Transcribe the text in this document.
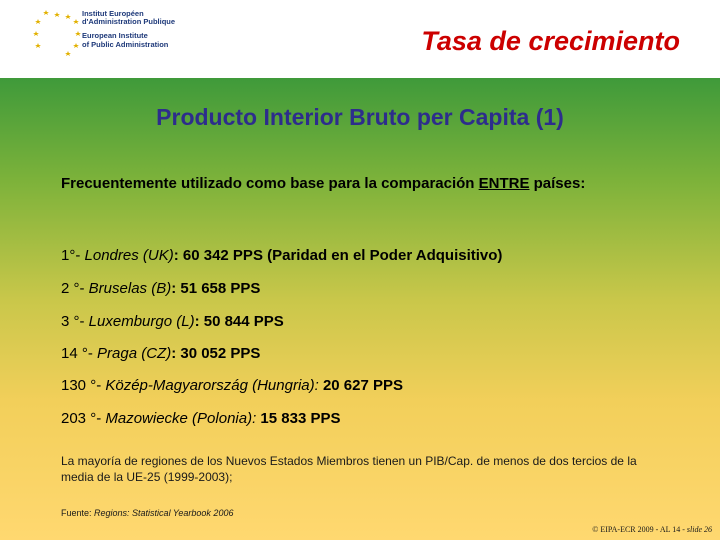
Institut Européen
d'Administration Publique
European Institute
of Public Administration	Tasa de crecimiento
Producto Interior Bruto per Capita (1)
Frecuentemente utilizado como base para la comparación ENTRE países:
1°- Londres (UK): 60 342 PPS (Paridad en el Poder Adquisitivo)
2 °- Bruselas (B): 51 658 PPS
3 °- Luxemburgo (L): 50 844 PPS
14 °- Praga (CZ): 30 052 PPS
130 °- Közép-Magyarország (Hungria): 20 627 PPS
203 °- Mazowiecke (Polonia): 15 833 PPS
La mayoría de regiones de los Nuevos Estados Miembros tienen un PIB/Cap. de menos de dos tercios de la media de la UE-25 (1999-2003);
Fuente: Regions: Statistical Yearbook 2006
© EIPA-ECR 2009 - AL 14 - slide 26
